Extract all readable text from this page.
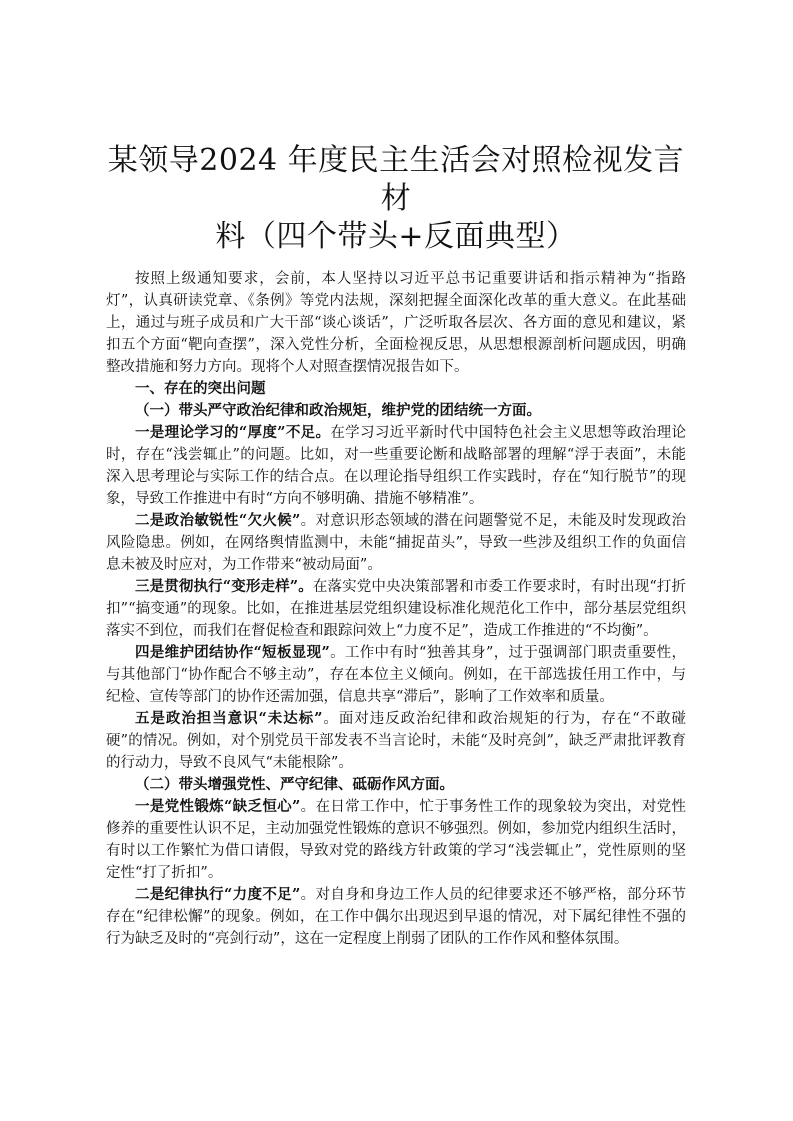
某领导2024 年度民主生活会对照检视发言材
料（四个带头+反面典型）

按照上级通知要求，会前，本人坚持以习近平总书记重要讲话和指示精神为“指路灯”，认真研读党章、《条例》等党内法规，深刻把握全面深化改革的重大意义。在此基础上，通过与班子成员和广大干部“谈心谈话”，广泛听取各层次、各方面的意见和建议，紧扣五个方面“靶向查摆”，深入党性分析，全面检视反思，从思想根源剖析问题成因，明确整改措施和努力方向。现将个人对照查摆情况报告如下。

一、存在的突出问题

（一）带头严守政治纪律和政治规矩，维护党的团结统一方面。

一是理论学习的“厚度”不足。在学习习近平新时代中国特色社会主义思想等政治理论时，存在“浅尝辄止”的问题。比如，对一些重要论断和战略部署的理解“浮于表面”，未能深入思考理论与实际工作的结合点。在以理论指导组织工作实践时，存在“知行脱节”的现象，导致工作推进中有时“方向不够明确、措施不够精准”。

二是政治敏锐性“欠火候”。对意识形态领域的潜在问题警觉不足，未能及时发现政治风险隐患。例如，在网络舆情监测中，未能“捕捉苗头”，导致一些涉及组织工作的负面信息未被及时应对，为工作带来“被动局面”。

三是贯彻执行“变形走样”。在落实党中央决策部署和市委工作要求时，有时出现“打折扣”“搞变通”的现象。比如，在推进基层党组织建设标准化规范化工作中，部分基层党组织落实不到位，而我们在督促检查和跟踪问效上“力度不足”，造成工作推进的“不均衡”。

四是维护团结协作“短板显现”。工作中有时“独善其身”，过于强调部门职责重要性，与其他部门“协作配合不够主动”，存在本位主义倾向。例如，在干部选拔任用工作中，与纪检、宣传等部门的协作还需加强，信息共享“滞后”，影响了工作效率和质量。

五是政治担当意识“未达标”。面对违反政治纪律和政治规矩的行为，存在“不敢碰硬”的情况。例如，对个别党员干部发表不当言论时，未能“及时亮剑”，缺乏严肃批评教育的行动力，导致不良风气“未能根除”。

（二）带头增强党性、严守纪律、砥砺作风方面。

一是党性锻炼“缺乏恒心”。在日常工作中，忙于事务性工作的现象较为突出，对党性修养的重要性认识不足，主动加强党性锻炼的意识不够强烈。例如，参加党内组织生活时，有时以工作繁忙为借口请假，导致对党的路线方针政策的学习“浅尝辄止”，党性原则的坚定性“打了折扣”。

二是纪律执行“力度不足”。对自身和身边工作人员的纪律要求还不够严格，部分环节存在“纪律松懈”的现象。例如，在工作中偶尔出现迟到早退的情况，对下属纪律性不强的行为缺乏及时的“亮剑行动”，这在一定程度上削弱了团队的工作作风和整体氛围。
